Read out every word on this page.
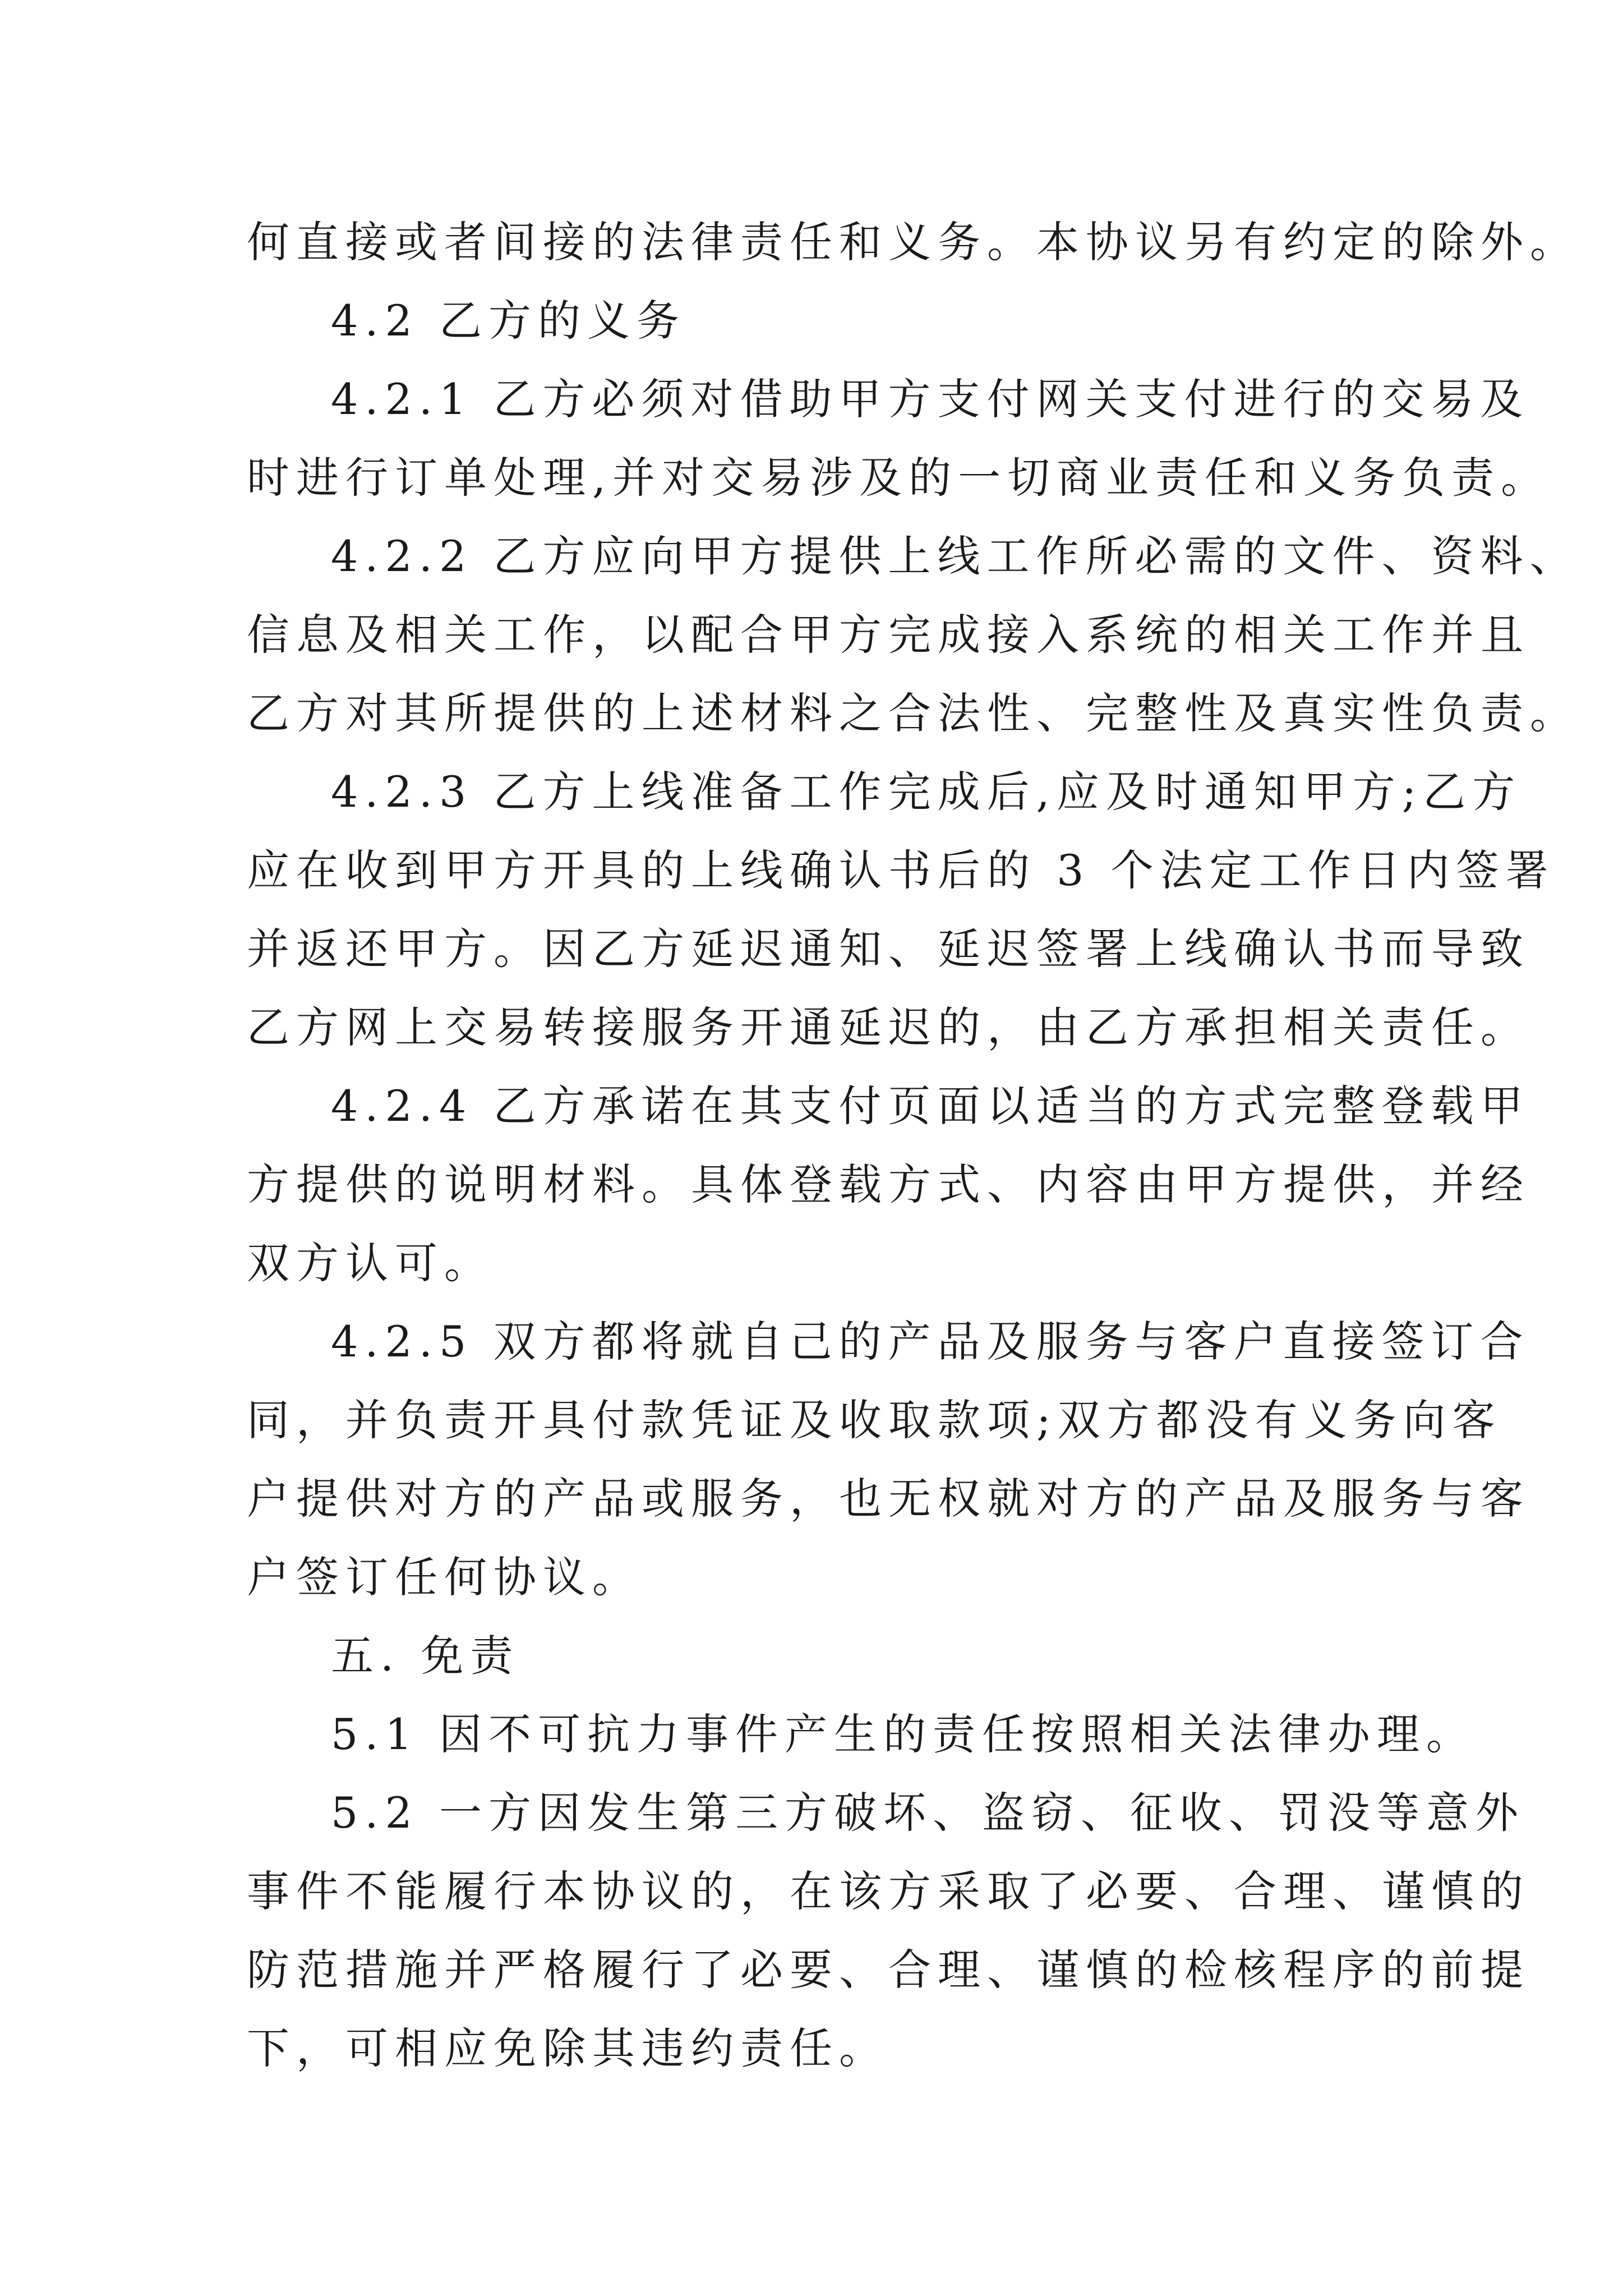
何直接或者间接的法律责任和义务。本协议另有约定的除外。
4.2 乙方的义务
4.2.1 乙方必须对借助甲方支付网关支付进行的交易及
时进行订单处理,并对交易涉及的一切商业责任和义务负责。
4.2.2 乙方应向甲方提供上线工作所必需的文件、资料、
信息及相关工作，以配合甲方完成接入系统的相关工作并且
乙方对其所提供的上述材料之合法性、完整性及真实性负责。
4.2.3 乙方上线准备工作完成后,应及时通知甲方;乙方
应在收到甲方开具的上线确认书后的 3 个法定工作日内签署
并返还甲方。因乙方延迟通知、延迟签署上线确认书而导致
乙方网上交易转接服务开通延迟的，由乙方承担相关责任。
4.2.4 乙方承诺在其支付页面以适当的方式完整登载甲
方提供的说明材料。具体登载方式、内容由甲方提供，并经
双方认可。
4.2.5 双方都将就自己的产品及服务与客户直接签订合
同，并负责开具付款凭证及收取款项;双方都没有义务向客
户提供对方的产品或服务，也无权就对方的产品及服务与客
户签订任何协议。
五. 免责
5.1 因不可抗力事件产生的责任按照相关法律办理。
5.2 一方因发生第三方破坏、盗窃、征收、罚没等意外
事件不能履行本协议的，在该方采取了必要、合理、谨慎的
防范措施并严格履行了必要、合理、谨慎的检核程序的前提
下，可相应免除其违约责任。
